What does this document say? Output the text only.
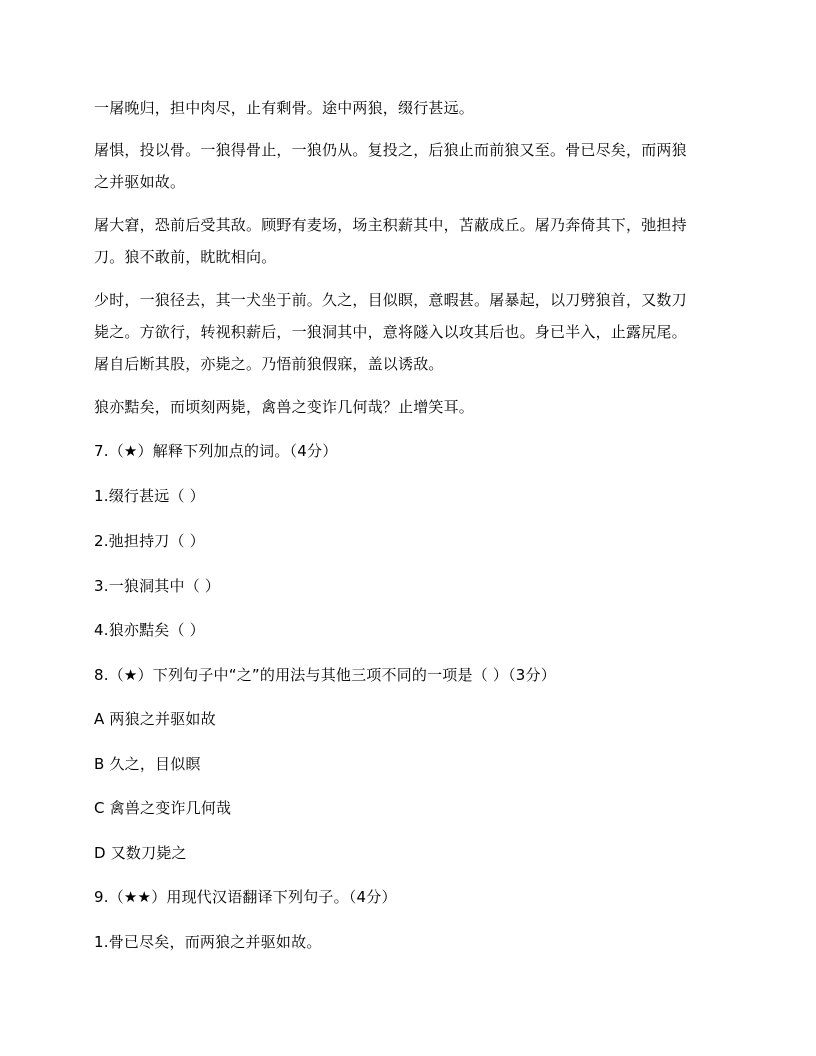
一屠晚归，担中肉尽，止有剩骨。途中两狼，缀行甚远。
屠惧，投以骨。一狼得骨止，一狼仍从。复投之，后狼止而前狼又至。骨已尽矣，而两狼
之并驱如故。
屠大窘，恐前后受其敌。顾野有麦场，场主积薪其中，苫蔽成丘。屠乃奔倚其下，弛担持
刀。狼不敢前，眈眈相向。
少时，一狼径去，其一犬坐于前。久之，目似瞑，意暇甚。屠暴起，以刀劈狼首，又数刀
毙之。方欲行，转视积薪后，一狼洞其中，意将隧入以攻其后也。身已半入，止露尻尾。
屠自后断其股，亦毙之。乃悟前狼假寐，盖以诱敌。
狼亦黠矣，而顷刻两毙，禽兽之变诈几何哉？止增笑耳。
7.（★）解释下列加点的词。（4分）
1.缀行甚远（ ）
2.弛担持刀（ ）
3.一狼洞其中（ ）
4.狼亦黠矣（ ）
8.（★）下列句子中“之”的用法与其他三项不同的一项是（ ）（3分）
A 两狼之并驱如故
B 久之，目似瞑
C 禽兽之变诈几何哉
D 又数刀毙之
9.（★★）用现代汉语翻译下列句子。（4分）
1.骨已尽矣，而两狼之并驱如故。
